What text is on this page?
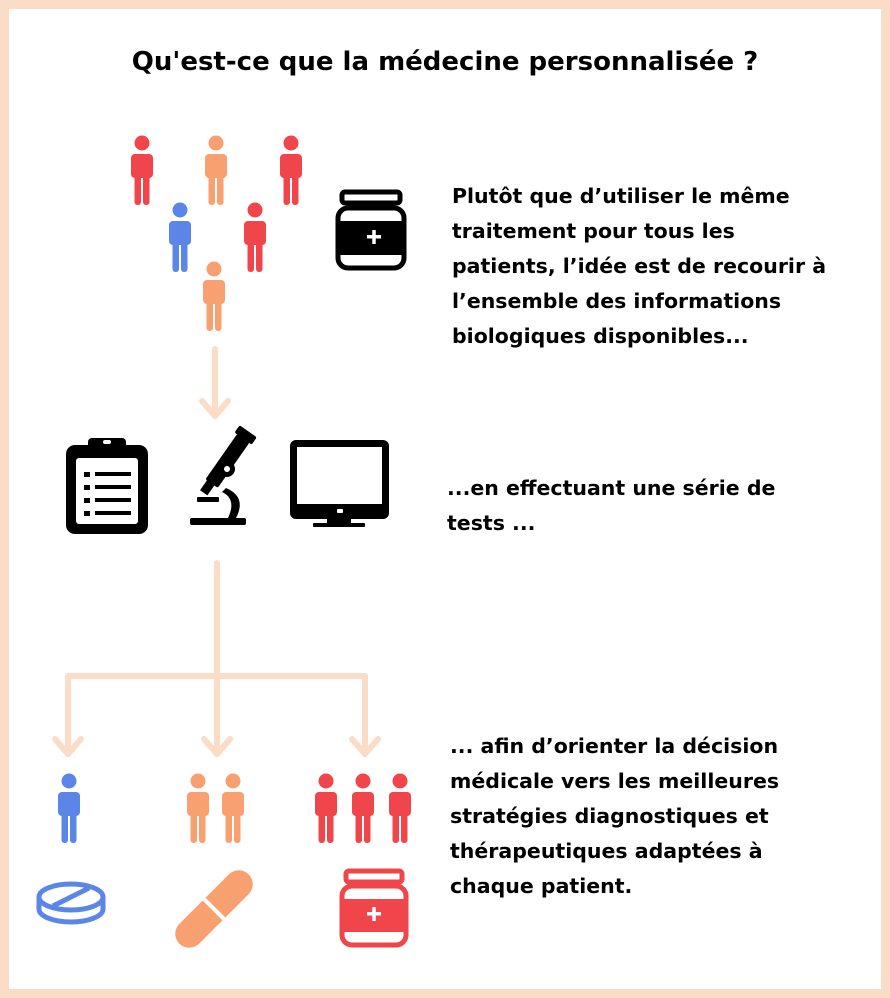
Qu'est-ce que la médecine personnalisée ?

Plutôt que d’utiliser le même
traitement pour tous les
patients, l’idée est de recourir à
l’ensemble des informations
biologiques disponibles...

...en effectuant une série de
tests ...

... afin d’orienter la décision
médicale vers les meilleures
stratégies diagnostiques et
thérapeutiques adaptées à
chaque patient.
